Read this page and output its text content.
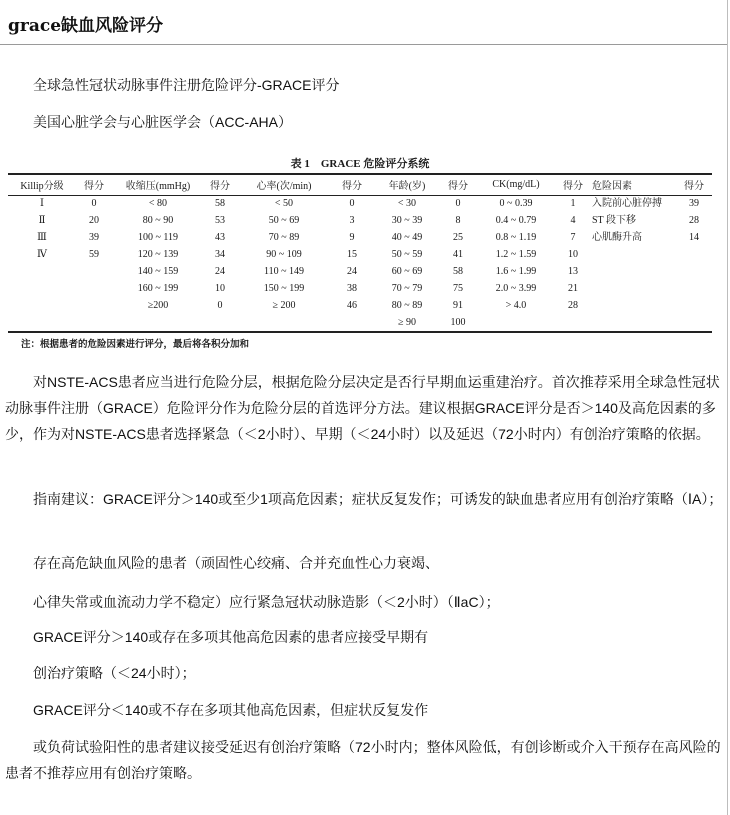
grace缺血风险评分

全球急性冠状动脉事件注册危险评分-GRACE评分

美国心脏学会与心脏医学会（ACC-AHA）

表 1　GRACE 危险评分系统
Killip分级	得分	收缩压(mmHg)	得分	心率(次/min)	得分	年龄(岁)	得分	CK(mg/dL)	得分	危险因素	得分
Ⅰ	0	< 80	58	< 50	0	< 30	0	0 ~ 0.39	1	入院前心脏停搏	39
Ⅱ	20	80 ~ 90	53	50 ~ 69	3	30 ~ 39	8	0.4 ~ 0.79	4	ST 段下移	28
Ⅲ	39	100 ~ 119	43	70 ~ 89	9	40 ~ 49	25	0.8 ~ 1.19	7	心肌酶升高	14
Ⅳ	59	120 ~ 139	34	90 ~ 109	15	50 ~ 59	41	1.2 ~ 1.59	10		
		140 ~ 159	24	110 ~ 149	24	60 ~ 69	58	1.6 ~ 1.99	13		
		160 ~ 199	10	150 ~ 199	38	70 ~ 79	75	2.0 ~ 3.99	21		
		≥200	0	≥ 200	46	80 ~ 89	91	> 4.0	28		
						≥ 90	100				
注：根据患者的危险因素进行评分，最后将各积分加和

对NSTE-ACS患者应当进行危险分层，根据危险分层决定是否行早期血运重建治疗。首次推荐采用全球急性冠状动脉事件注册（GRACE）危险评分作为危险分层的首选评分方法。建议根据GRACE评分是否＞140及高危因素的多少，作为对NSTE-ACS患者选择紧急（＜2小时）、早期（＜24小时）以及延迟（72小时内）有创治疗策略的依据。

指南建议：GRACE评分＞140或至少1项高危因素；症状反复发作；可诱发的缺血患者应用有创治疗策略（ⅠA）；

存在高危缺血风险的患者（顽固性心绞痛、合并充血性心力衰竭、

心律失常或血流动力学不稳定）应行紧急冠状动脉造影（＜2小时）（ⅡaC）；

GRACE评分＞140或存在多项其他高危因素的患者应接受早期有

创治疗策略（＜24小时）；

GRACE评分＜140或不存在多项其他高危因素，但症状反复发作

或负荷试验阳性的患者建议接受延迟有创治疗策略（72小时内；整体风险低，有创诊断或介入干预存在高风险的患者不推荐应用有创治疗策略。
